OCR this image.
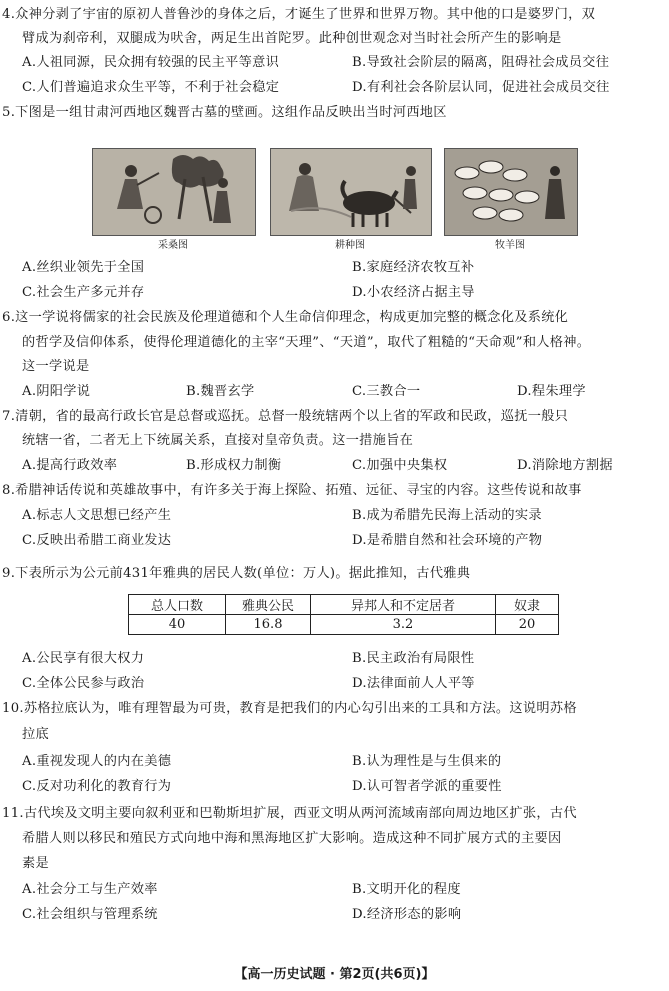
4.众神分剥了宇宙的原初人普鲁沙的身体之后，才诞生了世界和世界万物。其中他的口是婆罗门，双
臂成为刹帝利，双腿成为吠舍，两足生出首陀罗。此种创世观念对当时社会所产生的影响是
A.人祖同源，民众拥有较强的民主平等意识	B.导致社会阶层的隔离，阻碍社会成员交往
C.人们普遍追求众生平等，不利于社会稳定	D.有利社会各阶层认同，促进社会成员交往
5.下图是一组甘肃河西地区魏晋古墓的壁画。这组作品反映出当时河西地区
采桑图	耕种图	牧羊图
A.丝织业领先于全国	B.家庭经济农牧互补
C.社会生产多元并存	D.小农经济占据主导
6.这一学说将儒家的社会民族及伦理道德和个人生命信仰理念，构成更加完整的概念化及系统化
的哲学及信仰体系，使得伦理道德化的主宰“天理”、“天道”，取代了粗糙的“天命观”和人格神。
这一学说是
A.阴阳学说	B.魏晋玄学	C.三教合一	D.程朱理学
7.清朝，省的最高行政长官是总督或巡抚。总督一般统辖两个以上省的军政和民政，巡抚一般只
统辖一省，二者无上下统属关系，直接对皇帝负责。这一措施旨在
A.提高行政效率	B.形成权力制衡	C.加强中央集权	D.消除地方割据
8.希腊神话传说和英雄故事中，有许多关于海上探险、拓殖、远征、寻宝的内容。这些传说和故事
A.标志人文思想已经产生	B.成为希腊先民海上活动的实录
C.反映出希腊工商业发达	D.是希腊自然和社会环境的产物
9.下表所示为公元前431年雅典的居民人数(单位：万人)。据此推知，古代雅典
总人口数	雅典公民	异邦人和不定居者	奴隶
40	16.8	3.2	20
A.公民享有很大权力	B.民主政治有局限性
C.全体公民参与政治	D.法律面前人人平等
10.苏格拉底认为，唯有理智最为可贵，教育是把我们的内心勾引出来的工具和方法。这说明苏格
拉底
A.重视发现人的内在美德	B.认为理性是与生俱来的
C.反对功利化的教育行为	D.认可智者学派的重要性
11.古代埃及文明主要向叙利亚和巴勒斯坦扩展，西亚文明从两河流域南部向周边地区扩张，古代
希腊人则以移民和殖民方式向地中海和黑海地区扩大影响。造成这种不同扩展方式的主要因
素是
A.社会分工与生产效率	B.文明开化的程度
C.社会组织与管理系统	D.经济形态的影响
【高一历史试题 · 第2页(共6页)】
